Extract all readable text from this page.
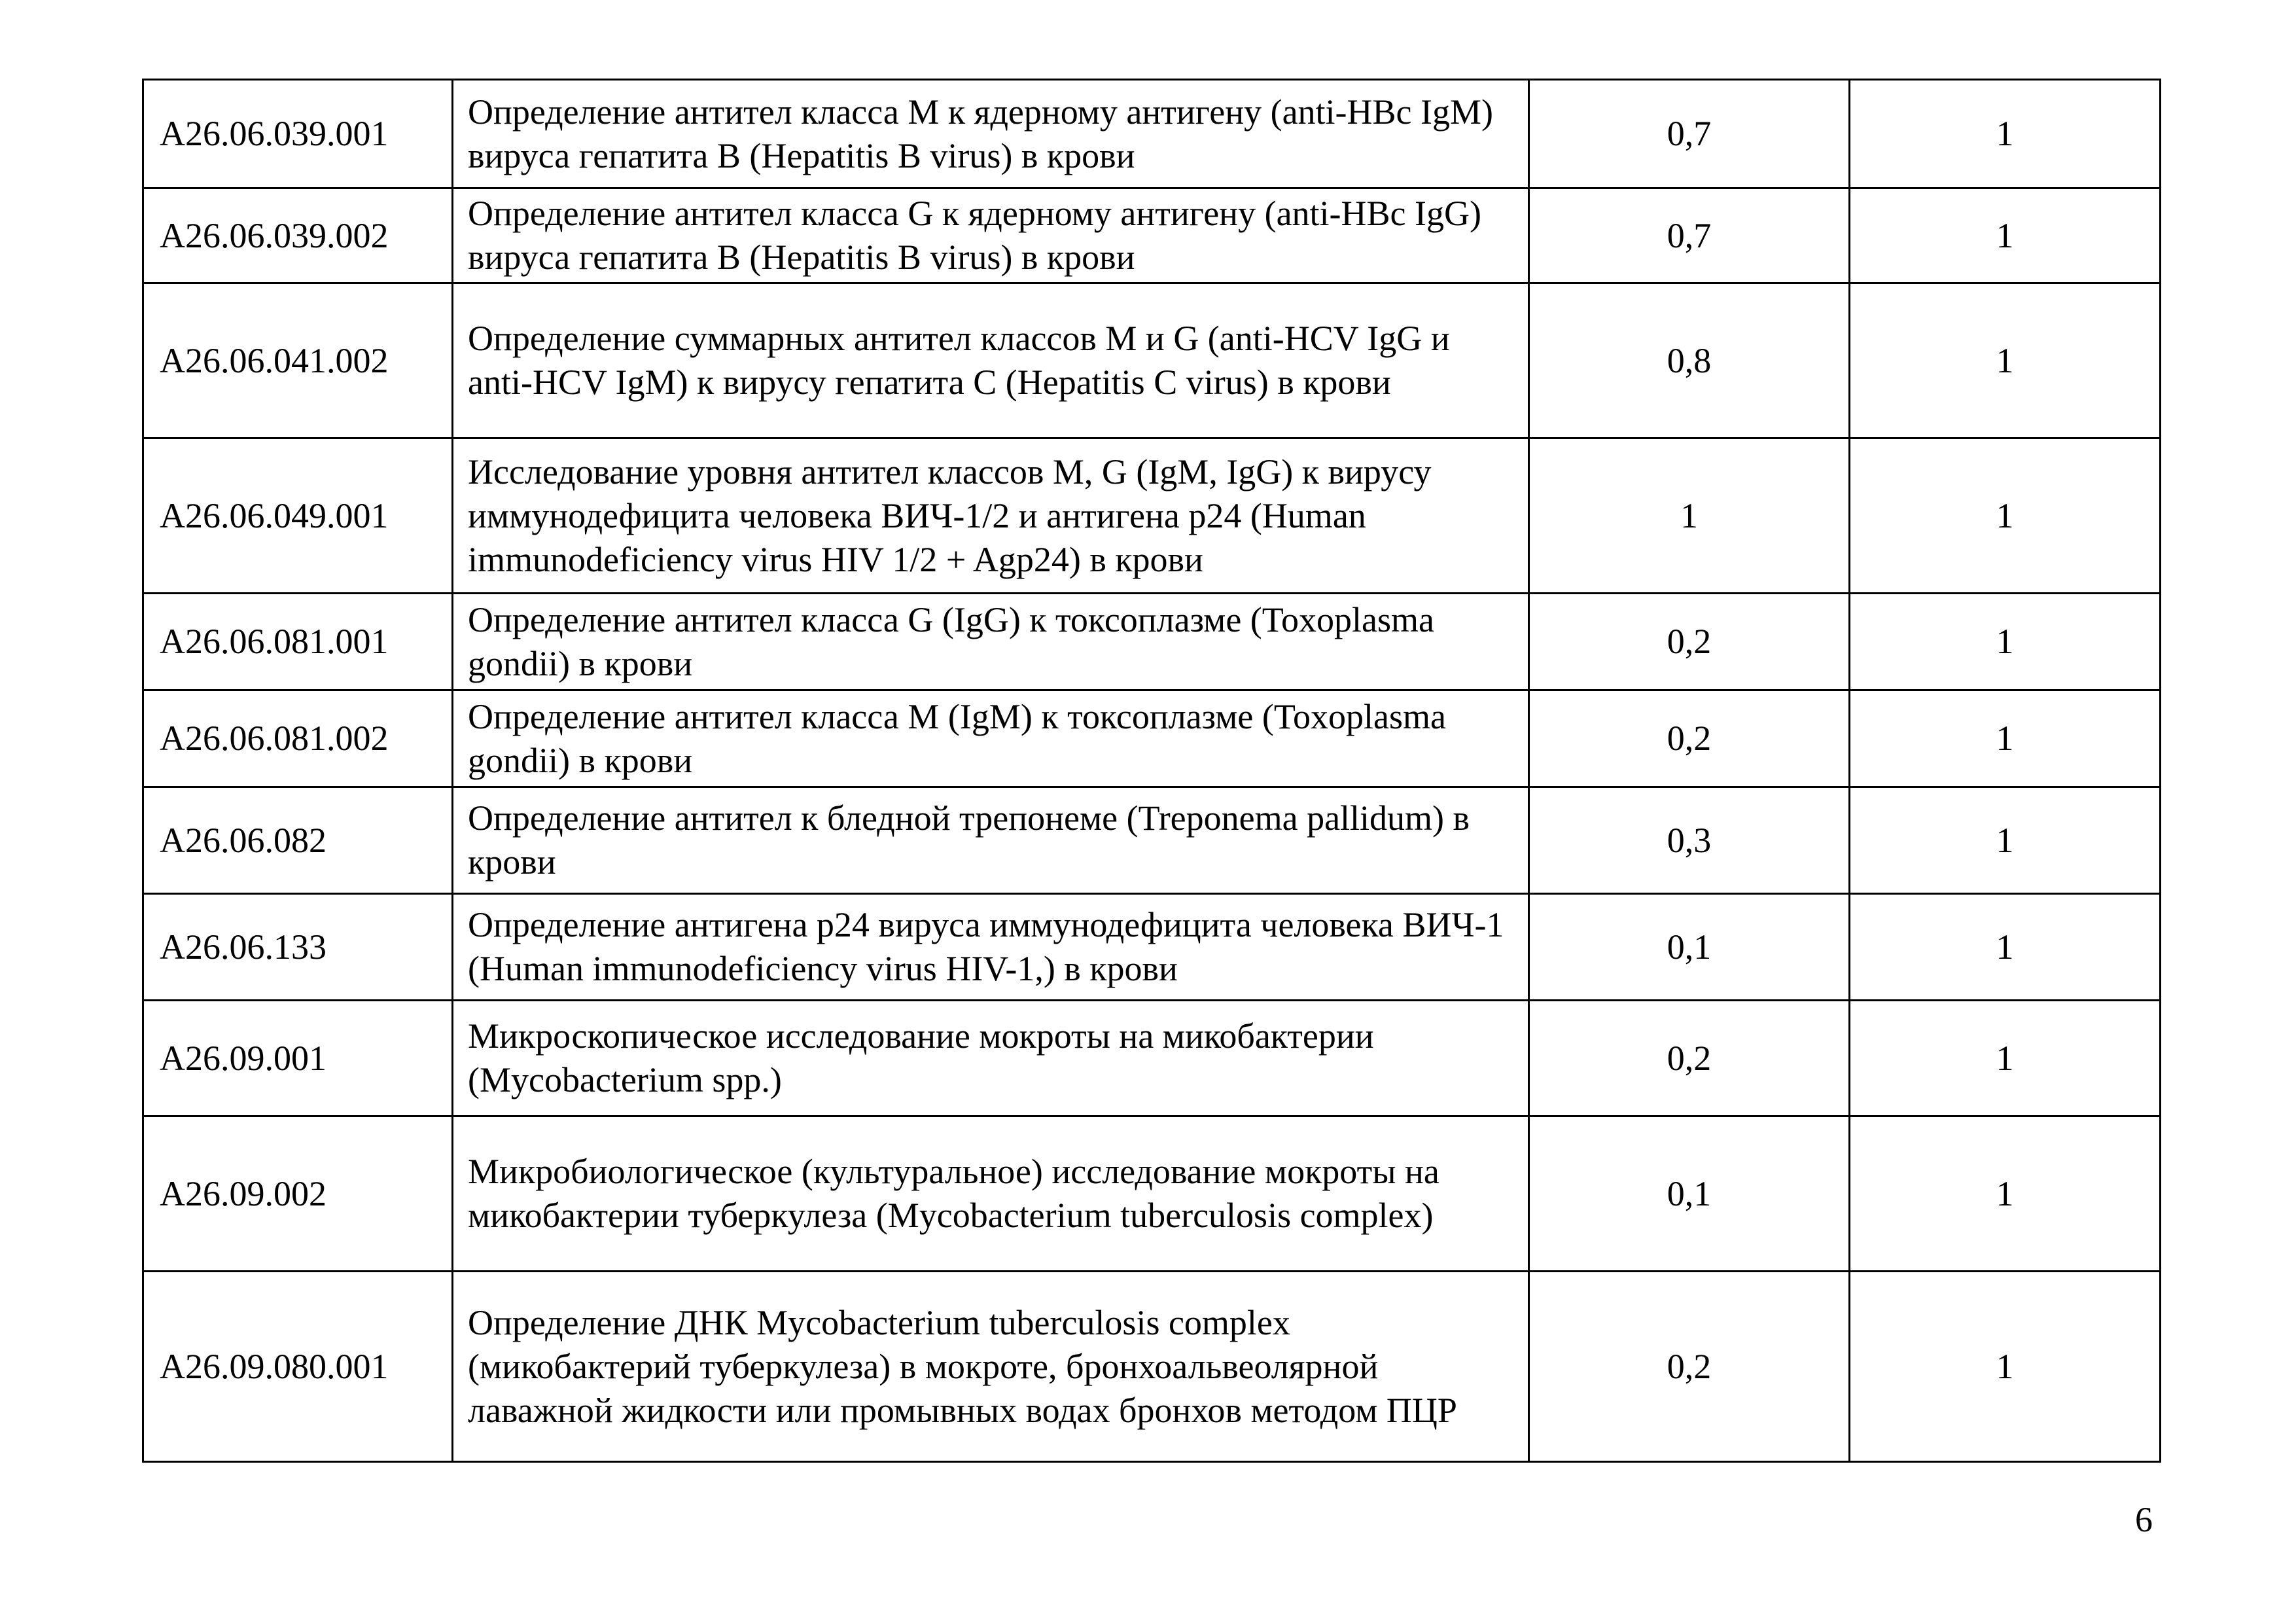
А26.06.039.001	Определение антител класса M к ядерному антигену (anti-HBc IgM) вируса гепатита B (Hepatitis B virus) в крови	0,7	1
А26.06.039.002	Определение антител класса G к ядерному антигену (anti-HBc IgG) вируса гепатита B (Hepatitis B virus) в крови	0,7	1
А26.06.041.002	Определение суммарных антител классов M и G (anti-HCV IgG и anti-HCV IgM) к вирусу гепатита C (Hepatitis C virus) в крови	0,8	1
А26.06.049.001	Исследование уровня антител классов M, G (IgM, IgG) к вирусу иммунодефицита человека ВИЧ-1/2 и антигена p24 (Human immunodeficiency virus HIV 1/2 + Agp24) в крови	1	1
А26.06.081.001	Определение антител класса G (IgG) к токсоплазме (Toxoplasma gondii) в крови	0,2	1
А26.06.081.002	Определение антител класса M (IgM) к токсоплазме (Toxoplasma gondii) в крови	0,2	1
А26.06.082	Определение антител к бледной трепонеме (Treponema pallidum) в крови	0,3	1
А26.06.133	Определение антигена p24 вируса иммунодефицита человека ВИЧ-1 (Human immunodeficiency virus HIV-1,) в крови	0,1	1
А26.09.001	Микроскопическое исследование мокроты на микобактерии (Mycobacterium spp.)	0,2	1
А26.09.002	Микробиологическое (культуральное) исследование мокроты на микобактерии туберкулеза (Mycobacterium tuberculosis complex)	0,1	1
А26.09.080.001	Определение ДНК Mycobacterium tuberculosis complex (микобактерий туберкулеза) в мокроте, бронхоальвеолярной лаважной жидкости или промывных водах бронхов методом ПЦР	0,2	1
6
